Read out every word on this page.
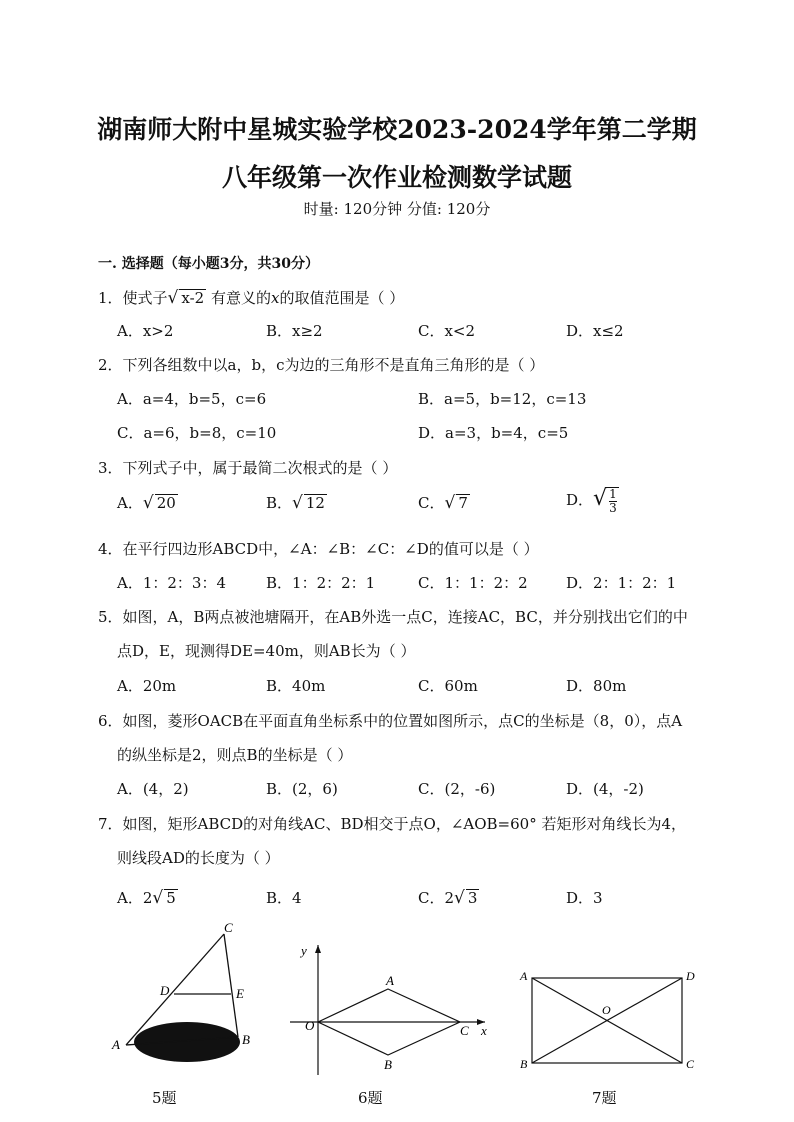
湖南师大附中星城实验学校2023-2024学年第二学期
八年级第一次作业检测数学试题
时量: 120分钟 分值: 120分
一. 选择题（每小题3分，共30分）
1．使式子√ x-2 有意义的x的取值范围是（ ）
A．x>2	B．x≥2	C．x<2	D．x≤2
2．下列各组数中以a，b，c为边的三角形不是直角三角形的是（ ）
A．a=4，b=5，c=6	B．a=5，b=12，c=13
C．a=6，b=8，c=10	D．a=3，b=4，c=5
3．下列式子中，属于最简二次根式的是（ ）
A．√ 20	B．√ 12	C．√ 7	D．√ $\frac{1}{3}$
4．在平行四边形ABCD中，∠A：∠B：∠C：∠D的值可以是（ ）
A．1：2：3：4	B．1：2：2：1	C．1：1：2：2	D．2：1：2：1
5．如图，A，B两点被池塘隔开，在AB外选一点C，连接AC，BC，并分别找出它们的中
点D，E，现测得DE=40m，则AB长为（ ）
A．20m	B．40m	C．60m	D．80m
6．如图，菱形OACB在平面直角坐标系中的位置如图所示，点C的坐标是（8，0），点A
的纵坐标是2，则点B的坐标是（ ）
A．(4，2)	B．(2，6)	C．(2，-6)	D．(4，-2)
7．如图，矩形ABCD的对角线AC、BD相交于点O，∠AOB=60° 若矩形对角线长为4，
则线段AD的长度为（ ）
A．2√ 5	B．4	C．2√ 3	D．3
C
D	E
A	B
y
A
O	C x
B
A	D
O
B	C
5题	6题	7题
